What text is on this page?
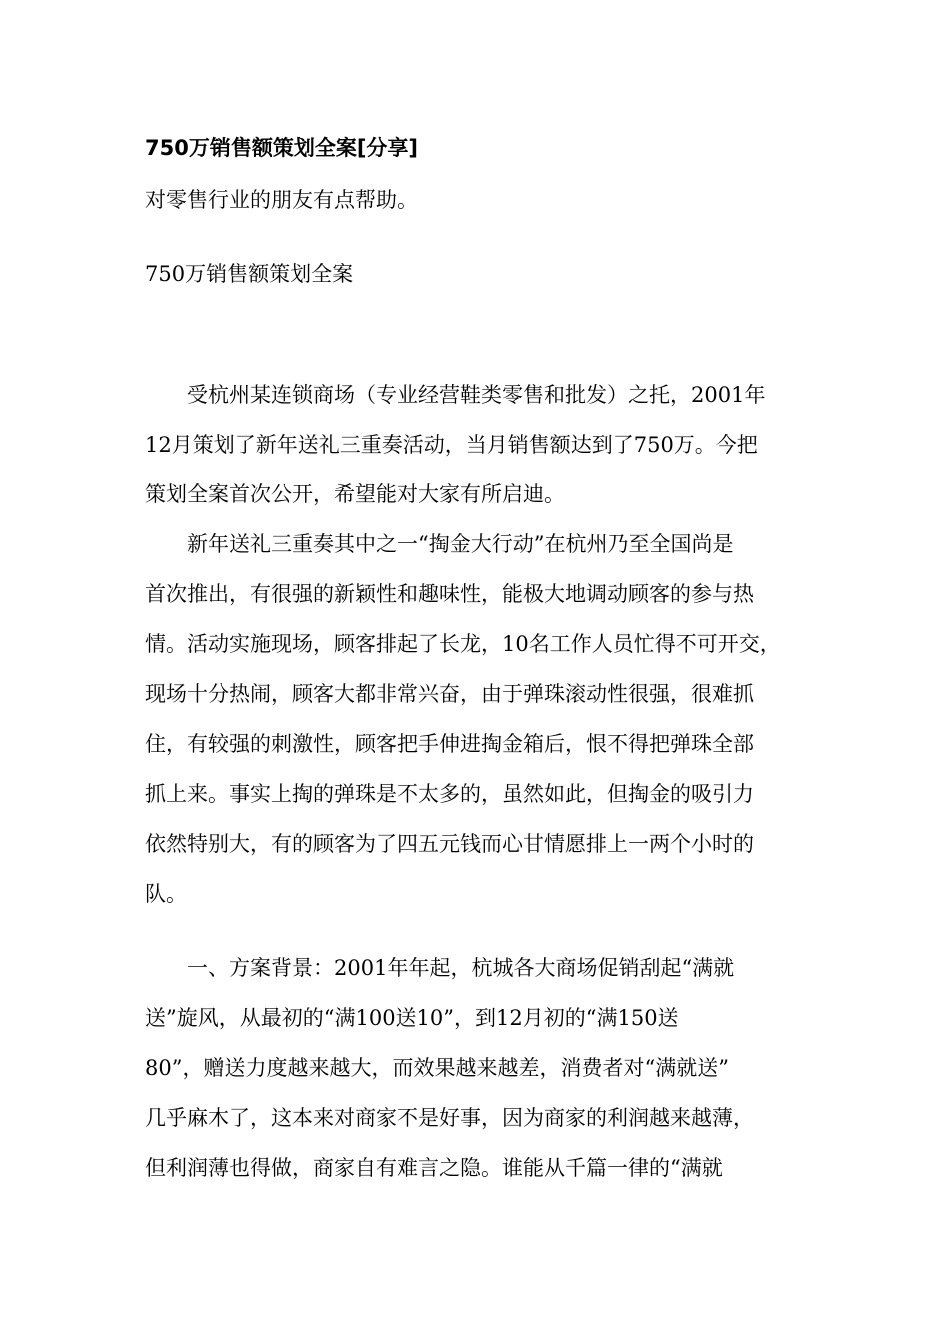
750万销售额策划全案[分享]
对零售行业的朋友有点帮助。
750万销售额策划全案
受杭州某连锁商场（专业经营鞋类零售和批发）之托，2001年
12月策划了新年送礼三重奏活动，当月销售额达到了750万。今把
策划全案首次公开，希望能对大家有所启迪。
新年送礼三重奏其中之一“掏金大行动”在杭州乃至全国尚是
首次推出，有很强的新颖性和趣味性，能极大地调动顾客的参与热
情。活动实施现场，顾客排起了长龙，10名工作人员忙得不可开交，
现场十分热闹，顾客大都非常兴奋，由于弹珠滚动性很强，很难抓
住，有较强的刺激性，顾客把手伸进掏金箱后，恨不得把弹珠全部
抓上来。事实上掏的弹珠是不太多的，虽然如此，但掏金的吸引力
依然特别大，有的顾客为了四五元钱而心甘情愿排上一两个小时的
队。
一、方案背景：2001年年起，杭城各大商场促销刮起“满就
送”旋风，从最初的“满100送10”，到12月初的“满150送
80”，赠送力度越来越大，而效果越来越差，消费者对“满就送”
几乎麻木了，这本来对商家不是好事，因为商家的利润越来越薄，
但利润薄也得做，商家自有难言之隐。谁能从千篇一律的“满就
